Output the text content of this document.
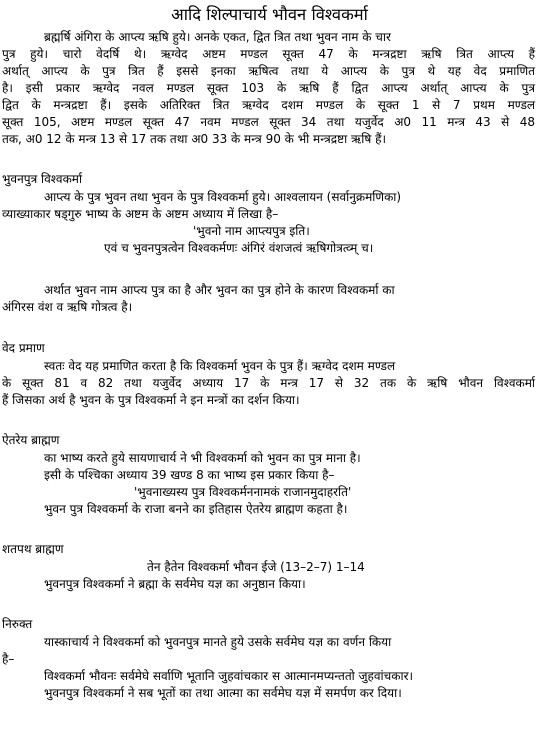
आदि शिल्पाचार्य भौवन विश्वकर्मा
ब्रह्मर्षि अंगिरा के आप्त्य ऋषि हुये। अनके एकत, द्वित त्रित तथा भुवन नाम के चार
पुत्र हुये। चारो वेदर्षि थे। ऋग्वेद अष्टम मण्डल सूक्त 47 के मन्त्रद्रष्टा ऋषि त्रित आप्त्य हैं
अर्थात् आप्त्य के पुत्र त्रित हैं इससे इनका ऋषित्व तथा ये आप्त्य के पुत्र थे यह वेद प्रमाणित
है। इसी प्रकार ऋग्वेद नवल मण्डल सूक्त 103 के ऋषि हैं द्वित आप्त्य अर्थात् आप्त्य के पुत्र
द्वित के मन्त्रद्रष्टा हैं। इसके अतिरिक्त त्रित ऋग्वेद दशम मण्डल के सूक्त 1 से 7 प्रथम मण्डल
सूक्त 105, अष्टम मण्डल सूक्त 47 नवम मण्डल सूक्त 34 तथा यजुर्वेद अ0 11 मन्त्र 43 से 48
तक, अ0 12 के मन्त्र 13 से 17 तक तथा अ0 33 के मन्त्र 90 के भी मन्त्रद्रष्टा ऋषि हैं।
भुवनपुत्र विश्वकर्मा
आप्त्य के पुत्र भुवन तथा भुवन के पुत्र विश्वकर्मा हुये। आश्वलायन (सर्वानुक्रमणिका)
व्याख्याकार षड्गुरु भाष्य के अष्टम के अष्टम अध्याय में लिखा है–
'भुवनो नाम आप्त्यपुत्र इति।
एवं च भुवनपुत्रत्वेन विश्वकर्मणः अंगिरं वंशजत्वं ऋषिगोत्रत्व्म् च।
अर्थात भुवन नाम आप्त्य पुत्र का है और भुवन का पुत्र होने के कारण विश्वकर्मा का
अंगिरस वंश व ऋषि गोत्रत्व है।
वेद प्रमाण
स्वतः वेद यह प्रमाणित करता है कि विश्वकर्मा भुवन के पुत्र हैं। ऋग्वेद दशम मण्डल
के सूक्त 81 व 82 तथा यजुर्वेद अध्याय 17 के मन्त्र 17 से 32 तक के ऋषि भौवन विश्वकर्मा
हैं जिसका अर्थ है भुवन के पुत्र विश्वकर्मा ने इन मन्त्रों का दर्शन किया।
ऐतरेय ब्राह्मण
का भाष्य करते हुये सायणाचार्य ने भी विश्वकर्मा को भुवन का पुत्र माना है।
इसी के पश्चिका अध्याय 39 खण्ड 8 का भाष्य इस प्रकार किया है–
'भुवनाख्यस्य पुत्र विश्वकर्मननामकं राजानमुदाहरति'
भुवन पुत्र विश्वकर्मा के राजा बनने का इतिहास ऐतरेय ब्राह्मण कहता है।
शतपथ ब्राह्मण
तेन हैतेन विश्वकर्मा भौवन ईजे (13–2–7) 1–14
भुवनपुत्र विश्वकर्मा ने ब्रह्मा के सर्वमेघ यज्ञ का अनुष्ठान किया।
निरुक्त
यास्काचार्य ने विश्वकर्मा को भुवनपुत्र मानते हुये उसके सर्वमेघ यज्ञ का वर्णन किया
है–
विश्वकर्मा भौवनः सर्वमेघे सर्वाणि भूतानि जुहवांचकार स आत्मानमप्यन्ततो जुहवांचकार।
भुवनपुत्र विश्वकर्मा ने सब भूतों का तथा आत्मा का सर्वमेघ यज्ञ में समर्पण कर दिया।
